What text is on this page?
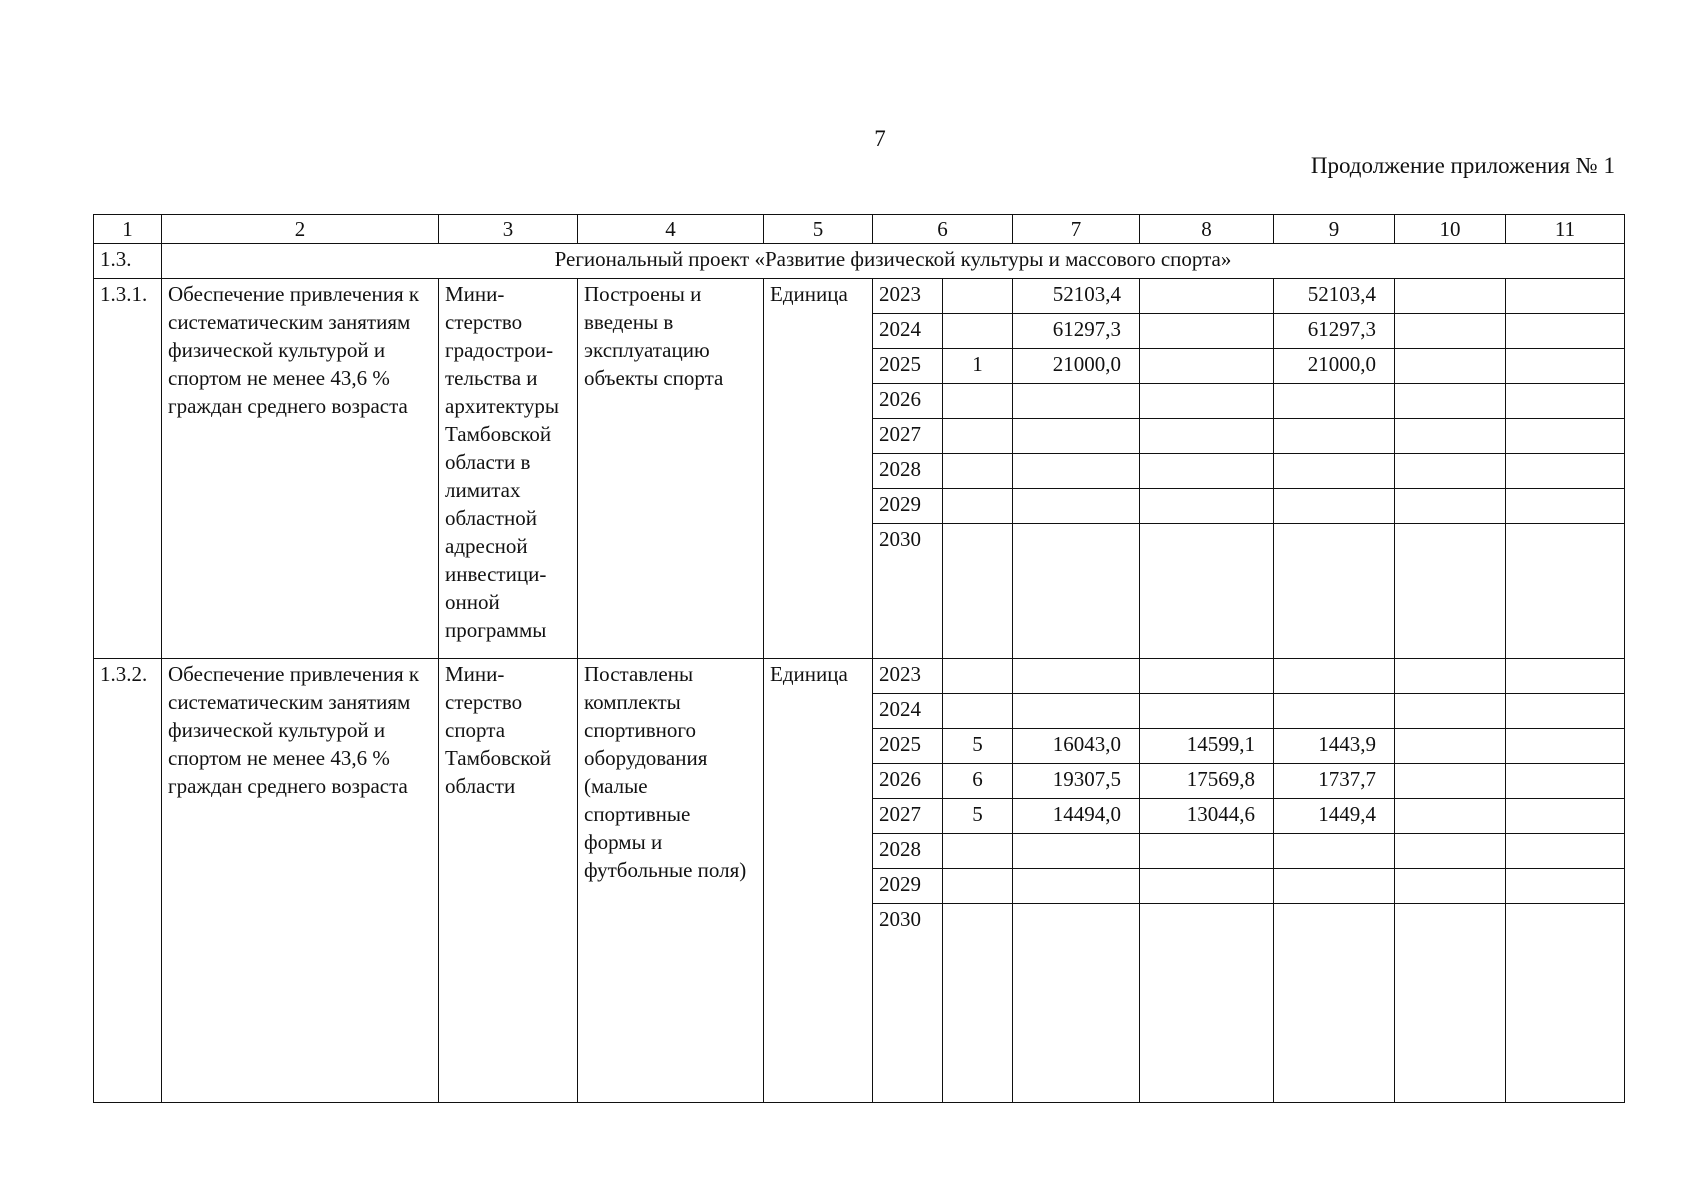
7
Продолжение приложения № 1
1	2	3	4	5	6		7	8	9	10	11
1.3.	Региональный проект «Развитие физической культуры и массового спорта»										
1.3.1.	Обеспечение привлечения к систематическим занятиям физической культурой и спортом не менее 43,6 % граждан среднего возраста	Мини-стерство градострои-тельства и архитектуры Тамбовской области в лимитах областной адресной инвестици-онной программы	Построены и введены в эксплуатацию объекты спорта	Единица	2023		52103,4		52103,4		
					2024		61297,3		61297,3		
					2025	1	21000,0		21000,0		
					2026						
					2027						
					2028						
					2029						
					2030						
1.3.2.	Обеспечение привлечения к систематическим занятиям физической культурой и спортом не менее 43,6 % граждан среднего возраста	Мини-стерство спорта Тамбовской области	Поставлены комплекты спортивного оборудования (малые спортивные формы и футбольные поля)	Единица	2023						
					2024						
					2025	5	16043,0	14599,1	1443,9		
					2026	6	19307,5	17569,8	1737,7		
					2027	5	14494,0	13044,6	1449,4		
					2028						
					2029						
					2030						
